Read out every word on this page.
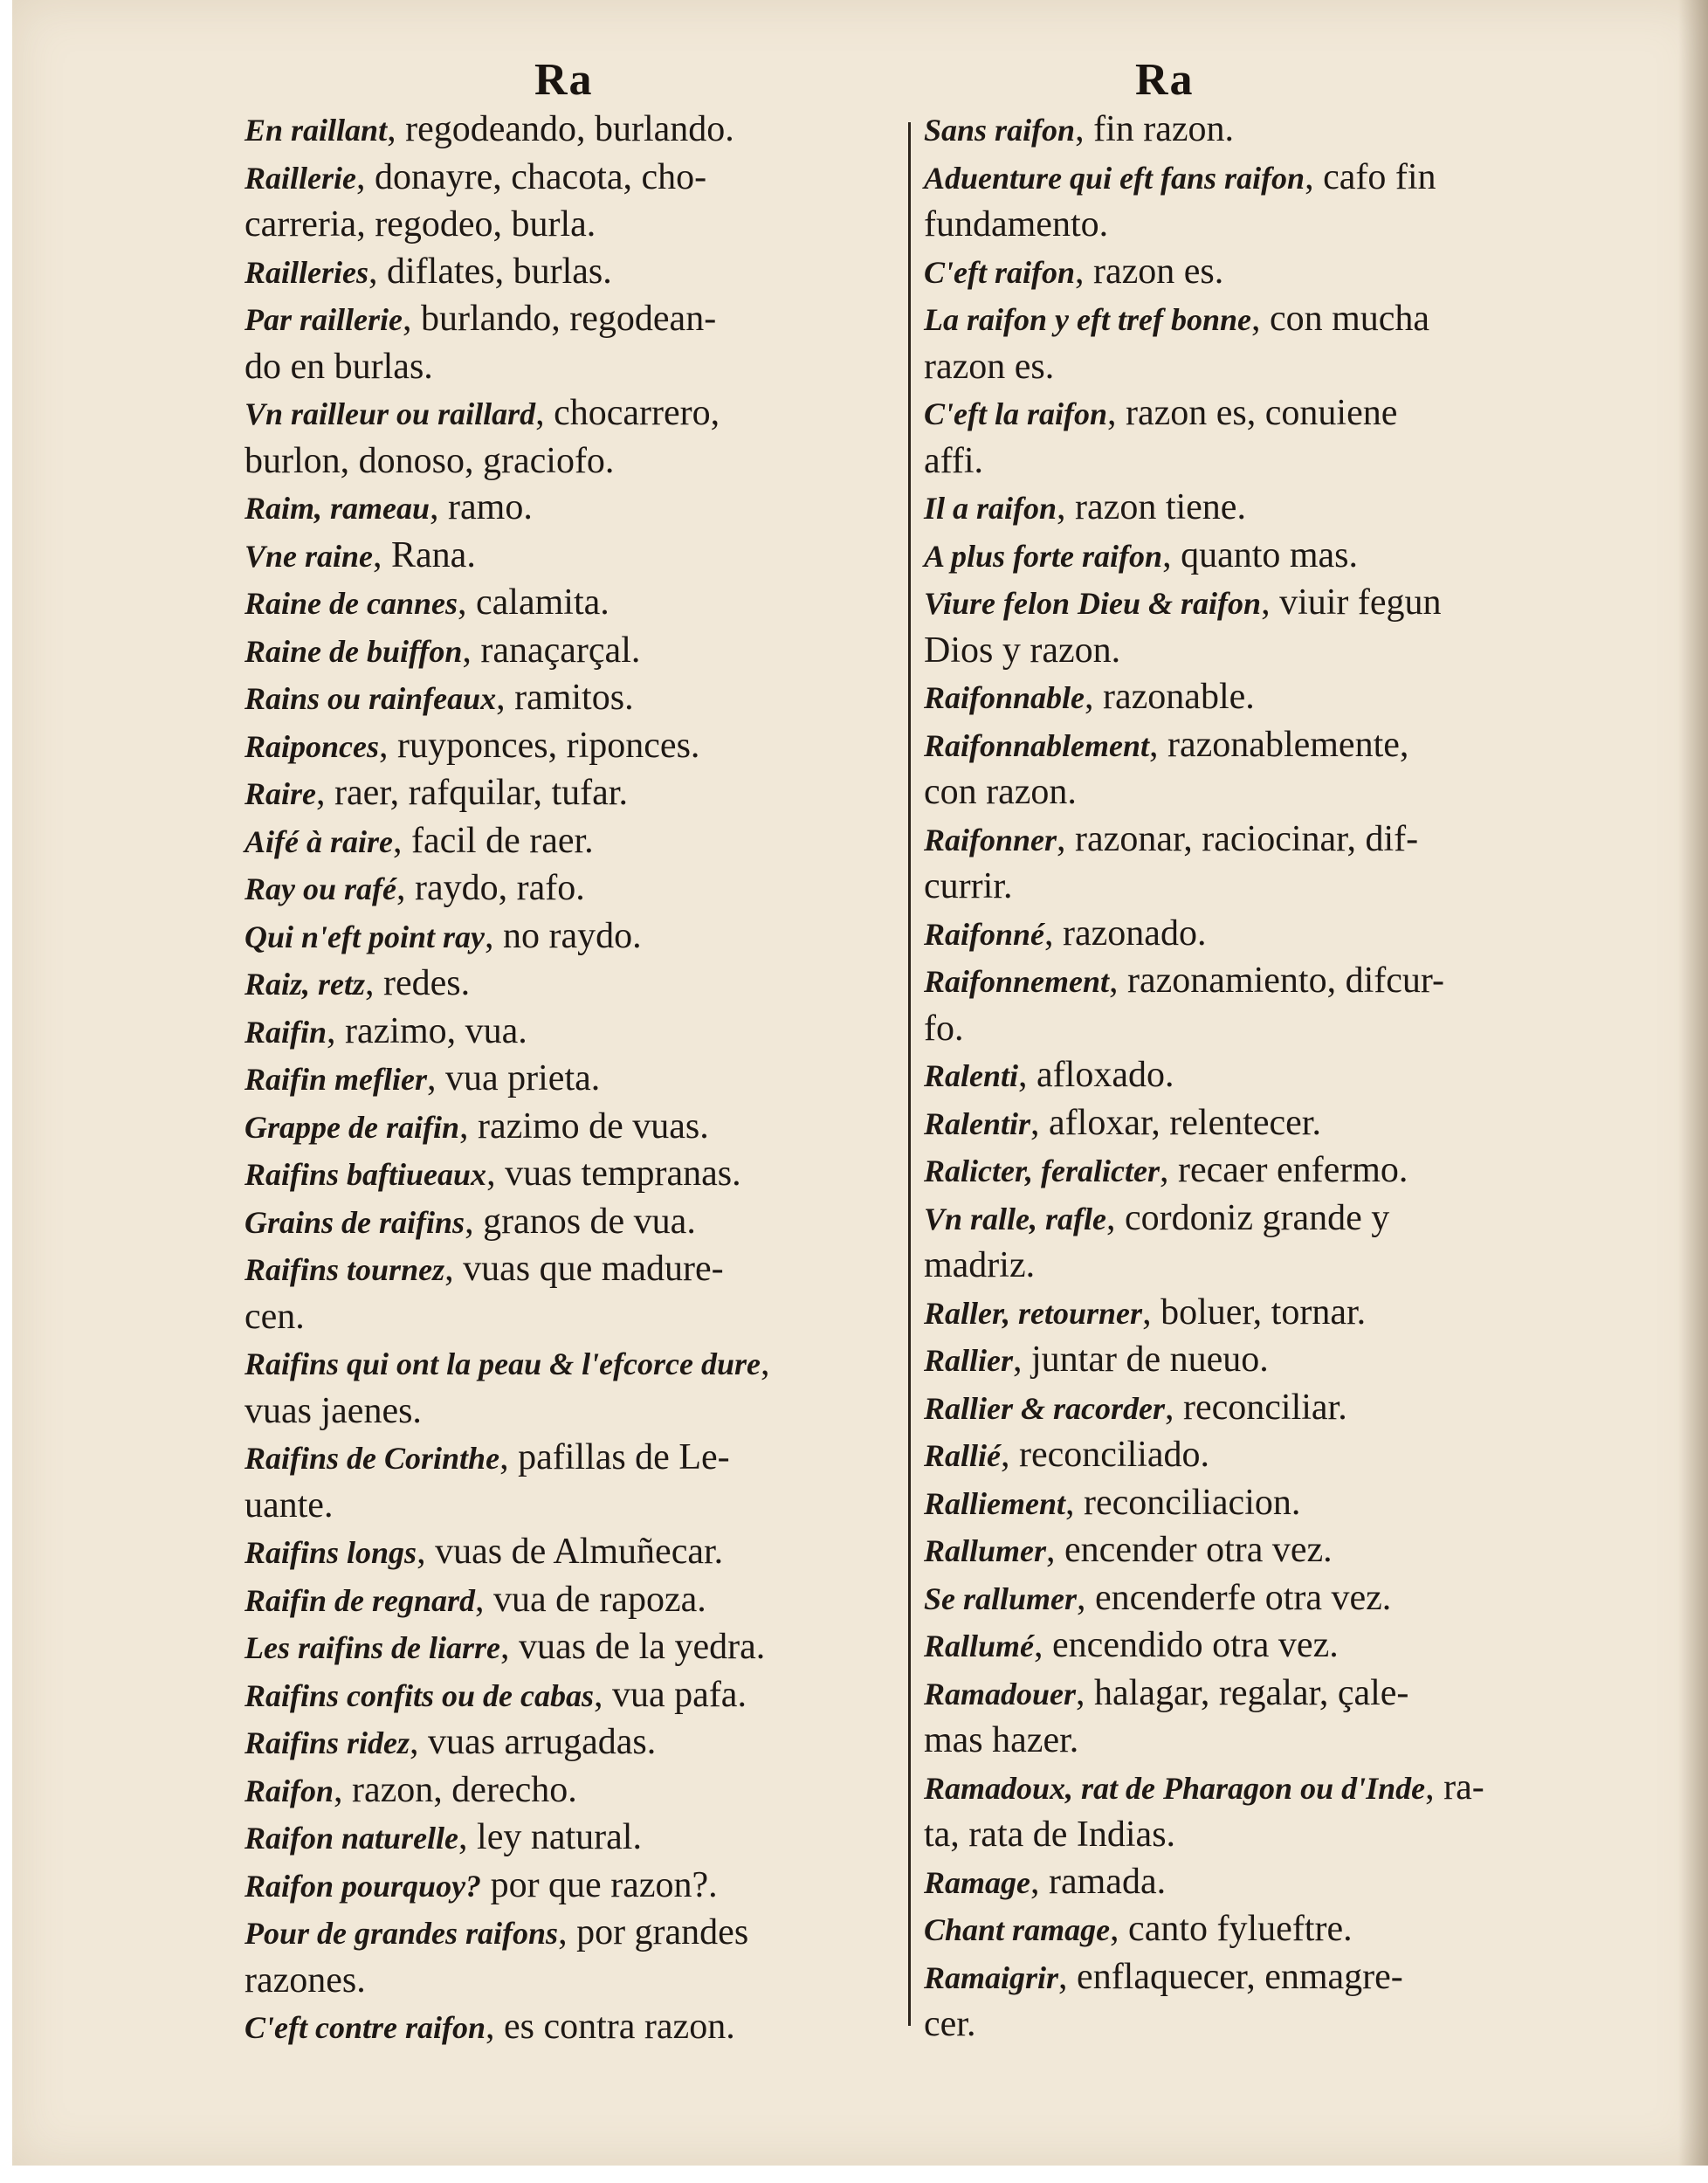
Ra	Ra
En raillant, regodeando, burlando.
Raillerie, donayre, chacota, cho-
carreria, regodeo, burla.
Railleries, diflates, burlas.
Par raillerie, burlando, regodean-
do en burlas.
Vn railleur ou raillard, chocarrero,
burlon, donoso, graciofo.
Raim, rameau, ramo.
Vne raine, Rana.
Raine de cannes, calamita.
Raine de buiffon, ranaçarçal.
Rains ou rainfeaux, ramitos.
Raiponces, ruyponces, riponces.
Raire, raer, rafquilar, tufar.
Aifé à raire, facil de raer.
Ray ou rafé, raydo, rafo.
Qui n'eft point ray, no raydo.
Raiz, retz, redes.
Raifin, razimo, vua.
Raifin meflier, vua prieta.
Grappe de raifin, razimo de vuas.
Raifins baftiueaux, vuas tempranas.
Grains de raifins, granos de vua.
Raifins tournez, vuas que madure-
cen.
Raifins qui ont la peau & l'efcorce dure,
vuas jaenes.
Raifins de Corinthe, pafillas de Le-
uante.
Raifins longs, vuas de Almuñecar.
Raifin de regnard, vua de rapoza.
Les raifins de liarre, vuas de la yedra.
Raifins confits ou de cabas, vua pafa.
Raifins ridez, vuas arrugadas.
Raifon, razon, derecho.
Raifon naturelle, ley natural.
Raifon pourquoy? por que razon?.
Pour de grandes raifons, por grandes
razones.
C'eft contre raifon, es contra razon.
Sans raifon, fin razon.
Aduenture qui eft fans raifon, cafo fin
fundamento.
C'eft raifon, razon es.
La raifon y eft tref bonne, con mucha
razon es.
C'eft la raifon, razon es, conuiene
affi.
Il a raifon, razon tiene.
A plus forte raifon, quanto mas.
Viure felon Dieu & raifon, viuir fegun
Dios y razon.
Raifonnable, razonable.
Raifonnablement, razonablemente,
con razon.
Raifonner, razonar, raciocinar, dif-
currir.
Raifonné, razonado.
Raifonnement, razonamiento, difcur-
fo.
Ralenti, afloxado.
Ralentir, afloxar, relentecer.
Ralicter, feralicter, recaer enfermo.
Vn ralle, rafle, cordoniz grande y
madriz.
Raller, retourner, boluer, tornar.
Rallier, juntar de nueuo.
Rallier & racorder, reconciliar.
Rallié, reconciliado.
Ralliement, reconciliacion.
Rallumer, encender otra vez.
Se rallumer, encenderfe otra vez.
Rallumé, encendido otra vez.
Ramadouer, halagar, regalar, çale-
mas hazer.
Ramadoux, rat de Pharagon ou d'Inde, ra-
ta, rata de Indias.
Ramage, ramada.
Chant ramage, canto fylueftre.
Ramaigrir, enflaquecer, enmagre-
cer.
